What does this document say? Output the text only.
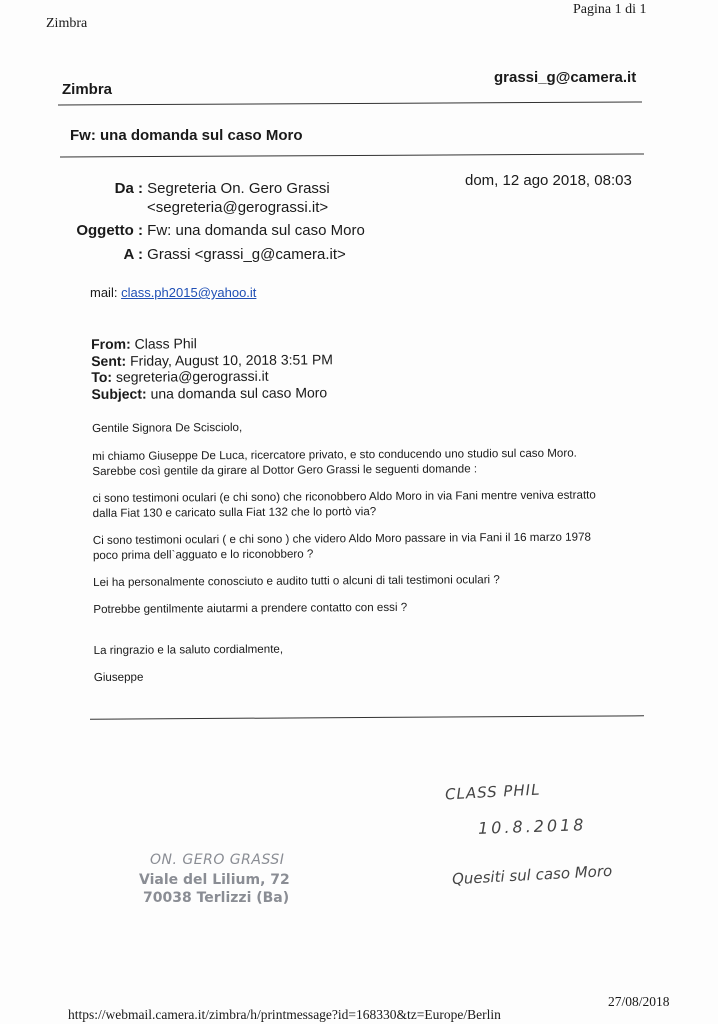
Zimbra
Pagina 1 di 1
Zimbra
grassi_g@camera.it
Fw: una domanda sul caso Moro
Da : Segreteria On. Gero Grassi
<segreteria@gerograssi.it>
dom, 12 ago 2018, 08:03
Oggetto : Fw: una domanda sul caso Moro
A : Grassi <grassi_g@camera.it>
mail: class.ph2015@yahoo.it
From: Class Phil
Sent: Friday, August 10, 2018 3:51 PM
To: segreteria@gerograssi.it
Subject: una domanda sul caso Moro
Gentile Signora De Scisciolo,
mi chiamo Giuseppe De Luca, ricercatore privato, e sto conducendo uno studio sul caso Moro.
Sarebbe così gentile da girare al Dottor Gero Grassi le seguenti domande :
ci sono testimoni oculari (e chi sono) che riconobbero Aldo Moro in via Fani mentre veniva estratto
dalla Fiat 130 e caricato sulla Fiat 132 che lo portò via?
Ci sono testimoni oculari ( e chi sono ) che videro Aldo Moro passare in via Fani il 16 marzo 1978
poco prima dell`agguato e lo riconobbero ?
Lei ha personalmente conosciuto e audito tutti o alcuni di tali testimoni oculari ?
Potrebbe gentilmente aiutarmi a prendere contatto con essi ?
La ringrazio e la saluto cordialmente,
Giuseppe
CLASS PHIL
10.8.2018
Quesiti sul caso Moro
ON. GERO GRASSI
Viale del Lilium, 72
70038 Terlizzi (Ba)
https://webmail.camera.it/zimbra/h/printmessage?id=168330&tz=Europe/Berlin
27/08/2018
